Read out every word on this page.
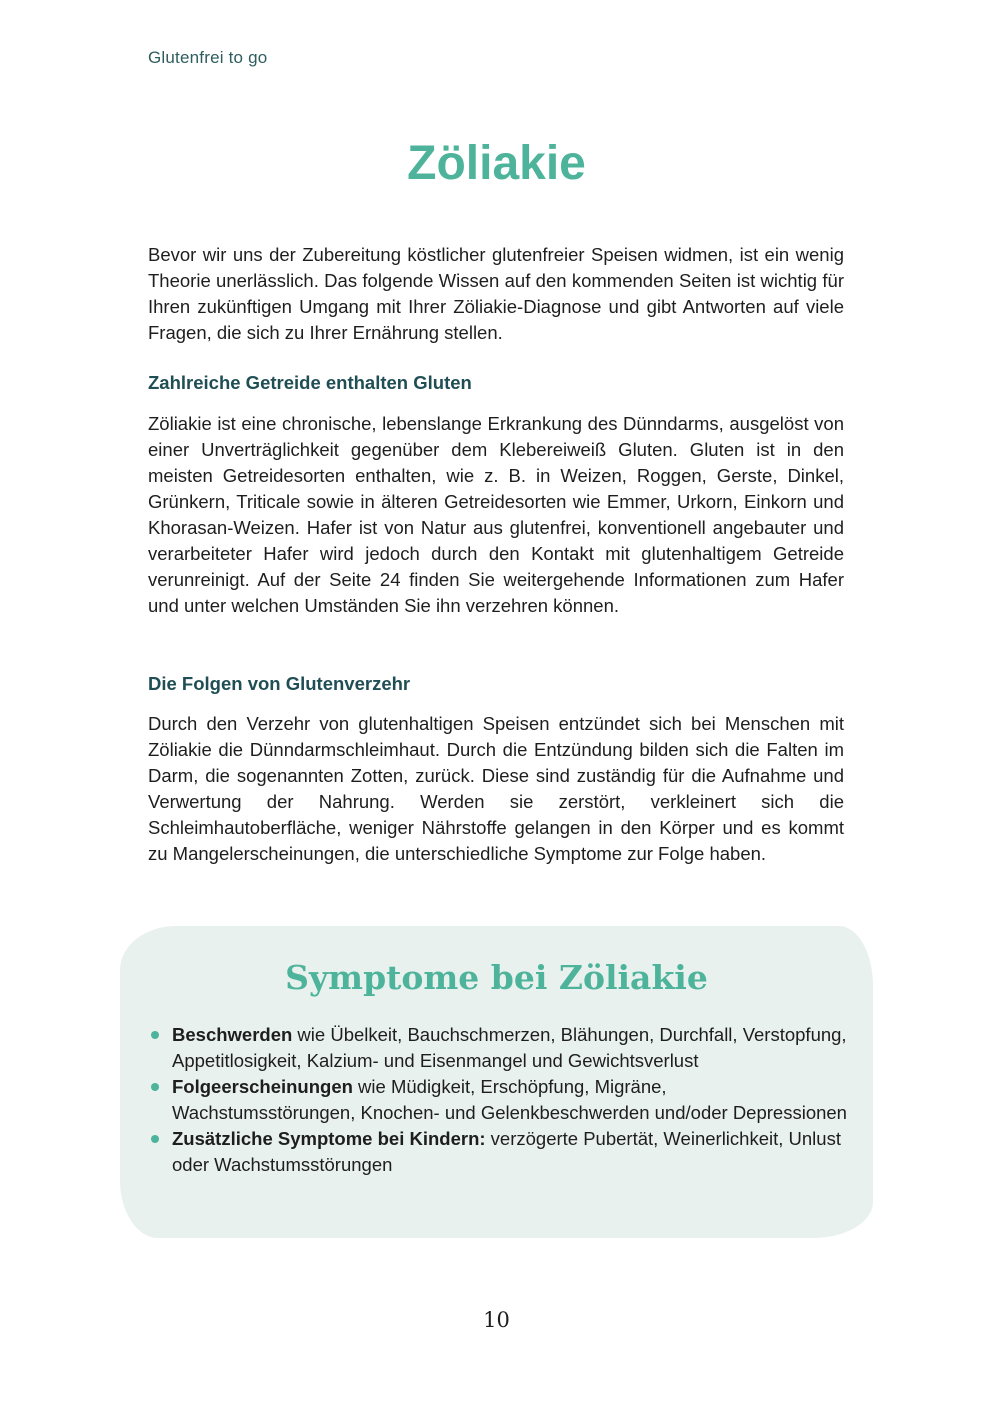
Glutenfrei to go
Zöliakie

Bevor wir uns der Zubereitung köstlicher glutenfreier Speisen widmen, ist ein wenig Theorie unerlässlich. Das folgende Wissen auf den kommenden Seiten ist wichtig für Ihren zukünftigen Umgang mit Ihrer Zöliakie-Diagnose und gibt Antworten auf viele Fragen, die sich zu Ihrer Ernährung stellen.

Zahlreiche Getreide enthalten Gluten

Zöliakie ist eine chronische, lebenslange Erkrankung des Dünndarms, ausgelöst von einer Unverträglichkeit gegenüber dem Klebereiweiß Gluten. Gluten ist in den meisten Getreidesorten enthalten, wie z. B. in Weizen, Roggen, Gerste, Dinkel, Grünkern, Triticale sowie in älteren Getreidesorten wie Emmer, Urkorn, Einkorn und Khorasan-Weizen. Hafer ist von Natur aus glutenfrei, konventionell angebauter und verarbeiteter Hafer wird jedoch durch den Kontakt mit glutenhaltigem Getreide verunreinigt. Auf der Seite 24 finden Sie weitergehende Informationen zum Hafer und unter welchen Umständen Sie ihn verzehren können.

Die Folgen von Glutenverzehr

Durch den Verzehr von glutenhaltigen Speisen entzündet sich bei Menschen mit Zöliakie die Dünndarmschleimhaut. Durch die Entzündung bilden sich die Falten im Darm, die sogenannten Zotten, zurück. Diese sind zuständig für die Aufnahme und Verwertung der Nahrung. Werden sie zerstört, verkleinert sich die Schleimhautoberfläche, weniger Nährstoffe gelangen in den Körper und es kommt zu Mangelerscheinungen, die unterschiedliche Symptome zur Folge haben.

Symptome bei Zöliakie
Beschwerden wie Übelkeit, Bauchschmerzen, Blähungen, Durchfall, Verstopfung, Appetitlosigkeit, Kalzium- und Eisenmangel und Gewichtsverlust
Folgeerscheinungen wie Müdigkeit, Erschöpfung, Migräne, Wachstumsstörungen, Knochen- und Gelenkbeschwerden und/oder Depressionen
Zusätzliche Symptome bei Kindern: verzögerte Pubertät, Weinerlichkeit, Unlust oder Wachstumsstörungen
10
